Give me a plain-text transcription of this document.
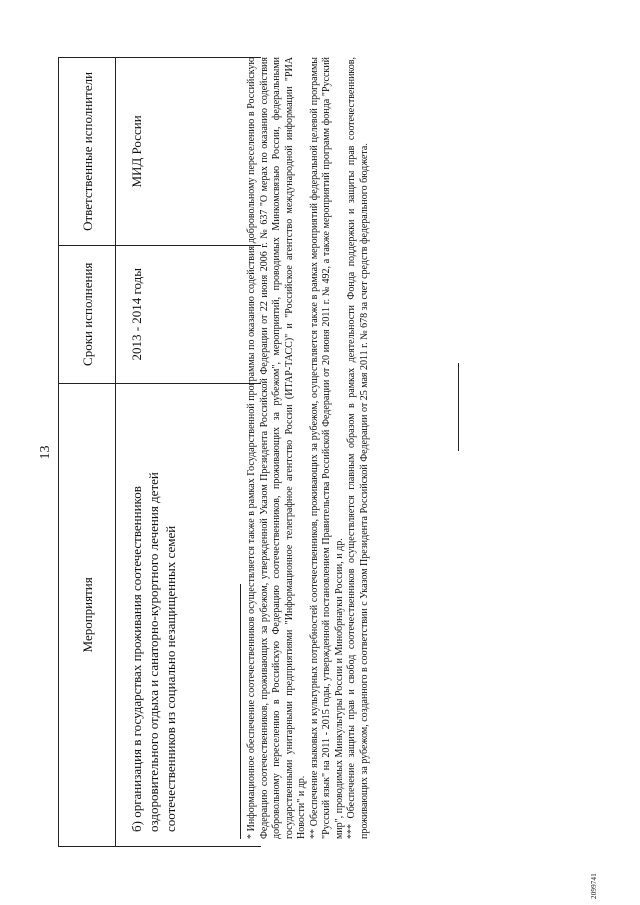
13
Мероприятия	Сроки исполнения	Ответственные исполнители
б) организация в государствах проживания соотечественников оздоровительного отдыха и санаторно-курортного лечения детей соотечественников из социально незащищенных семей	2013 - 2014 годы	МИД России
			* Информационное обеспечение соотечественников осуществляется также в рамках Государственной программы по оказанию содействия добровольному переселению в Российскую Федерацию соотечественников, проживающих за рубежом, утвержденной Указом Президента Российской Федерации от 22 июня 2006 г. № 637 "О мерах по оказанию содействия добровольному переселению в Российскую Федерацию соотечественников, проживающих за рубежом", мероприятий, проводимых Минкомсвязью России, федеральными государственными унитарными предприятиями "Информационное телеграфное агентство России (ИТАР-ТАСС)" и "Российское агентство международной информации "РИА Новости" и др. ** Обеспечение языковых и культурных потребностей соотечественников, проживающих за рубежом, осуществляется также в рамках мероприятий федеральной целевой программы "Русский язык" на 2011 - 2015 годы, утвержденной постановлением Правительства Российской Федерации от 20 июня 2011 г. № 492, а также мероприятий программ фонда "Русский мир", проводимых Минкультуры России и Минобрнауки России, и др. *** Обеспечение защиты прав и свобод соотечественников осуществляется главным образом в рамках деятельности Фонда поддержки и защиты прав соотечественников, проживающих за рубежом, созданного в соответствии с Указом Президента Российской Федерации от 25 мая 2011 г. № 678 за счет средств федерального бюджета.

2099741
